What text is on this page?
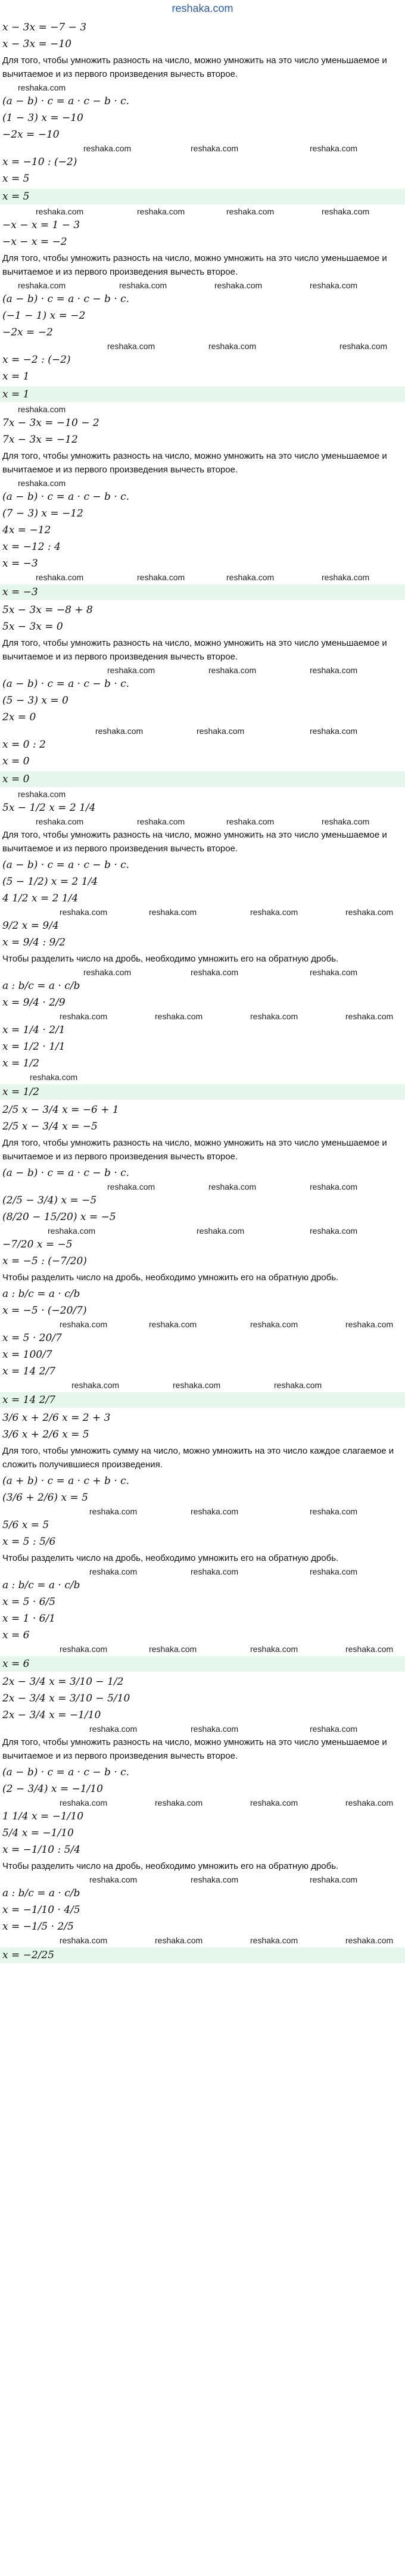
reshaka.com
x − 3x = −7 − 3
x − 3x = −10
Для того, чтобы умножить разность на число, можно умножить на это число уменьшаемое и вычитаемое и из первого произведения вычесть второе.
reshaka.com
(a − b) · c = a · c − b · c.
(1 − 3) x = −10
−2x = −10
reshaka.com	reshaka.com	reshaka.com
x = −10 : (−2)
x = 5
x = 5
reshaka.com	reshaka.com	reshaka.com	reshaka.com
−x − x = 1 − 3
−x − x = −2
Для того, чтобы умножить разность на число, можно умножить на это число уменьшаемое и вычитаемое и из первого произведения вычесть второе.
reshaka.com	reshaka.com	reshaka.com	reshaka.com
(a − b) · c = a · c − b · c.
(−1 − 1) x = −2
−2x = −2
reshaka.com	reshaka.com	reshaka.com
x = −2 : (−2)
x = 1
x = 1
reshaka.com
7x − 3x = −10 − 2
7x − 3x = −12
Для того, чтобы умножить разность на число, можно умножить на это число уменьшаемое и вычитаемое и из первого произведения вычесть второе.
reshaka.com
(a − b) · c = a · c − b · c.
(7 − 3) x = −12
4x = −12
x = −12 : 4
x = −3
reshaka.com	reshaka.com	reshaka.com	reshaka.com
x = −3
5x − 3x = −8 + 8
5x − 3x = 0
Для того, чтобы умножить разность на число, можно умножить на это число уменьшаемое и вычитаемое и из первого произведения вычесть второе.
reshaka.com	reshaka.com	reshaka.com
(a − b) · c = a · c − b · c.
(5 − 3) x = 0
2x = 0
reshaka.com	reshaka.com	reshaka.com
x = 0 : 2
x = 0
x = 0
reshaka.com
5x − 1/2 x = 2 1/4
reshaka.com	reshaka.com	reshaka.com	reshaka.com
Для того, чтобы умножить разность на число, можно умножить на это число уменьшаемое и вычитаемое и из первого произведения вычесть второе.
(a − b) · c = a · c − b · c.
(5 − 1/2) x = 2 1/4
4 1/2 x = 2 1/4
reshaka.com	reshaka.com	reshaka.com	reshaka.com
9/2 x = 9/4
x = 9/4 : 9/2
Чтобы разделить число на дробь, необходимо умножить его на обратную дробь.
reshaka.com	reshaka.com	reshaka.com
a : b/c = a · c/b
x = 9/4 · 2/9
reshaka.com	reshaka.com	reshaka.com	reshaka.com
x = 1/4 · 2/1
x = 1/2 · 1/1
x = 1/2
reshaka.com
x = 1/2
2/5 x − 3/4 x = −6 + 1
2/5 x − 3/4 x = −5
Для того, чтобы умножить разность на число, можно умножить на это число уменьшаемое и вычитаемое и из первого произведения вычесть второе.
(a − b) · c = a · c − b · c.
reshaka.com	reshaka.com	reshaka.com
(2/5 − 3/4) x = −5
(8/20 − 15/20) x = −5
reshaka.com	reshaka.com	reshaka.com
−7/20 x = −5
x = −5 : (−7/20)
Чтобы разделить число на дробь, необходимо умножить его на обратную дробь.
a : b/c = a · c/b
x = −5 · (−20/7)
reshaka.com	reshaka.com	reshaka.com	reshaka.com
x = 5 · 20/7
x = 100/7
x = 14 2/7
reshaka.com	reshaka.com	reshaka.com
x = 14 2/7
3/6 x + 2/6 x = 2 + 3
3/6 x + 2/6 x = 5
Для того, чтобы умножить сумму на число, можно умножить на это число каждое слагаемое и сложить получившиеся произведения.
(a + b) · c = a · c + b · c.
(3/6 + 2/6) x = 5
reshaka.com	reshaka.com	reshaka.com
5/6 x = 5
x = 5 : 5/6
Чтобы разделить число на дробь, необходимо умножить его на обратную дробь.
reshaka.com	reshaka.com	reshaka.com
a : b/c = a · c/b
x = 5 · 6/5
x = 1 · 6/1
x = 6
reshaka.com	reshaka.com	reshaka.com	reshaka.com
x = 6
2x − 3/4 x = 3/10 − 1/2
2x − 3/4 x = 3/10 − 5/10
2x − 3/4 x = −1/10
reshaka.com	reshaka.com	reshaka.com
Для того, чтобы умножить разность на число, можно умножить на это число уменьшаемое и вычитаемое и из первого произведения вычесть второе.
(a − b) · c = a · c − b · c.
(2 − 3/4) x = −1/10
reshaka.com	reshaka.com	reshaka.com	reshaka.com
1 1/4 x = −1/10
5/4 x = −1/10
x = −1/10 : 5/4
Чтобы разделить число на дробь, необходимо умножить его на обратную дробь.
reshaka.com	reshaka.com	reshaka.com
a : b/c = a · c/b
x = −1/10 · 4/5
x = −1/5 · 2/5
reshaka.com	reshaka.com	reshaka.com	reshaka.com
x = −2/25
